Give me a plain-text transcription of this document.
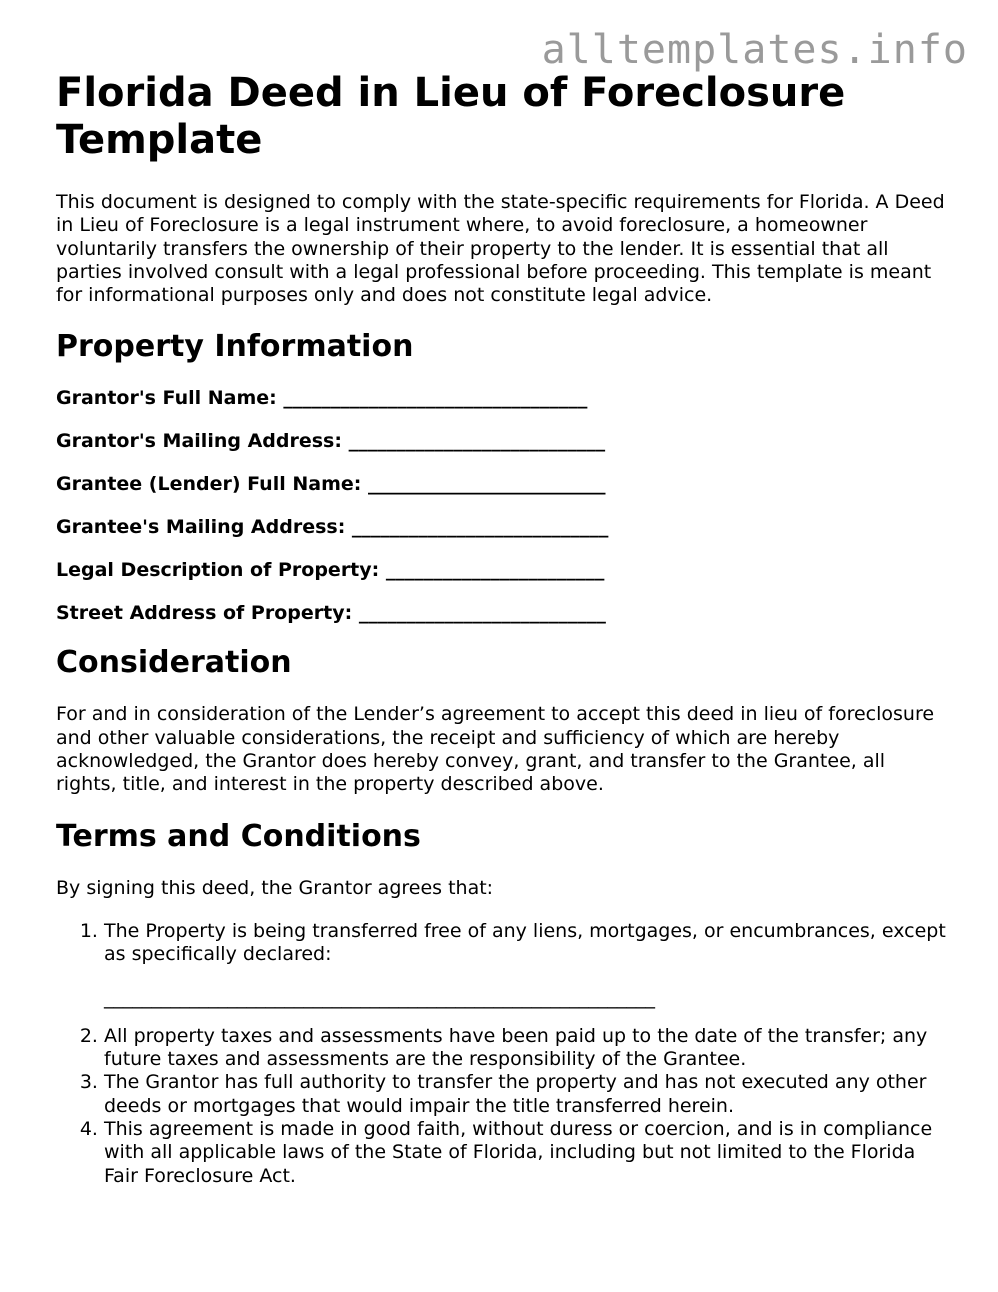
alltemplates.info
Florida Deed in Lieu of Foreclosure Template

This document is designed to comply with the state-specific requirements for Florida. A Deed in Lieu of Foreclosure is a legal instrument where, to avoid foreclosure, a homeowner voluntarily transfers the ownership of their property to the lender. It is essential that all parties involved consult with a legal professional before proceeding. This template is meant for informational purposes only and does not constitute legal advice.

Property Information
Grantor's Full Name: ________________________________
Grantor's Mailing Address: ___________________________
Grantee (Lender) Full Name: _________________________
Grantee's Mailing Address: ___________________________
Legal Description of Property: _______________________
Street Address of Property: __________________________
Consideration

For and in consideration of the Lender’s agreement to accept this deed in lieu of foreclosure and other valuable considerations, the receipt and sufficiency of which are hereby acknowledged, the Grantor does hereby convey, grant, and transfer to the Grantee, all rights, title, and interest in the property described above.

Terms and Conditions

By signing this deed, the Grantor agrees that:

1. The Property is being transferred free of any liens, mortgages, or encumbrances, except as specifically declared:
__________________________________________________________
2. All property taxes and assessments have been paid up to the date of the transfer; any future taxes and assessments are the responsibility of the Grantee.
3. The Grantor has full authority to transfer the property and has not executed any other deeds or mortgages that would impair the title transferred herein.
4. This agreement is made in good faith, without duress or coercion, and is in compliance with all applicable laws of the State of Florida, including but not limited to the Florida Fair Foreclosure Act.
